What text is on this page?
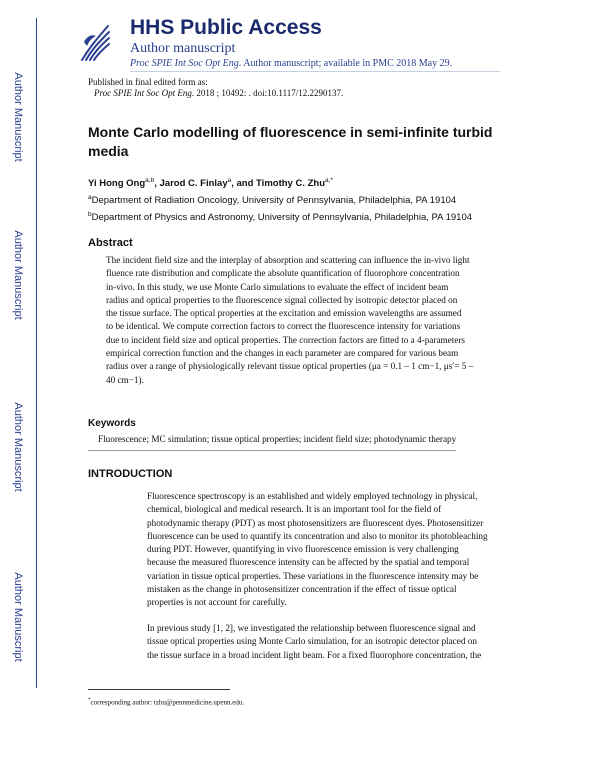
Author Manuscript
Author Manuscript
Author Manuscript
Author Manuscript
HHS Public Access
Author manuscript
Proc SPIE Int Soc Opt Eng. Author manuscript; available in PMC 2018 May 29.
Published in final edited form as:
Proc SPIE Int Soc Opt Eng. 2018 ; 10492: . doi:10.1117/12.2290137.
Monte Carlo modelling of fluorescence in semi-infinite turbid media
Yi Hong Ong$^{a,b}$, Jarod C. Finlay$^a$, and Timothy C. Zhu$^{a,*}$
$^a$Department of Radiation Oncology, University of Pennsylvania, Philadelphia, PA 19104
$^b$Department of Physics and Astronomy, University of Pennsylvania, Philadelphia, PA 19104
Abstract
The incident field size and the interplay of absorption and scattering can influence the in-vivo light
fluence rate distribution and complicate the absolute quantification of fluorophore concentration
in-vivo. In this study, we use Monte Carlo simulations to evaluate the effect of incident beam
radius and optical properties to the fluorescence signal collected by isotropic detector placed on
the tissue surface. The optical properties at the excitation and emission wavelengths are assumed
to be identical. We compute correction factors to correct the fluorescence intensity for variations
due to incident field size and optical properties. The correction factors are fitted to a 4-parameters
empirical correction function and the changes in each parameter are compared for various beam
radius over a range of physiologically relevant tissue optical properties (μa = 0.1 – 1 cm−1, μs′= 5 –
40 cm−1).
Keywords
Fluorescence; MC simulation; tissue optical properties; incident field size; photodynamic therapy
INTRODUCTION
Fluorescence spectroscopy is an established and widely employed technology in physical,
chemical, biological and medical research. It is an important tool for the field of
photodynamic therapy (PDT) as most photosensitizers are fluorescent dyes. Photosensitizer
fluorescence can be used to quantify its concentration and also to monitor its photobleaching
during PDT. However, quantifying in vivo fluorescence emission is very challenging
because the measured fluorescence intensity can be affected by the spatial and temporal
variation in tissue optical properties. These variations in the fluorescence intensity may be
mistaken as the change in photosensitizer concentration if the effect of tissue optical
properties is not account for carefully.
In previous study [1, 2], we investigated the relationship between fluorescence signal and
tissue optical properties using Monte Carlo simulation, for an isotropic detector placed on
the tissue surface in a broad incident light beam. For a fixed fluorophore concentration, the
*corresponding author: tzhu@pennmedicine.upenn.edu.
